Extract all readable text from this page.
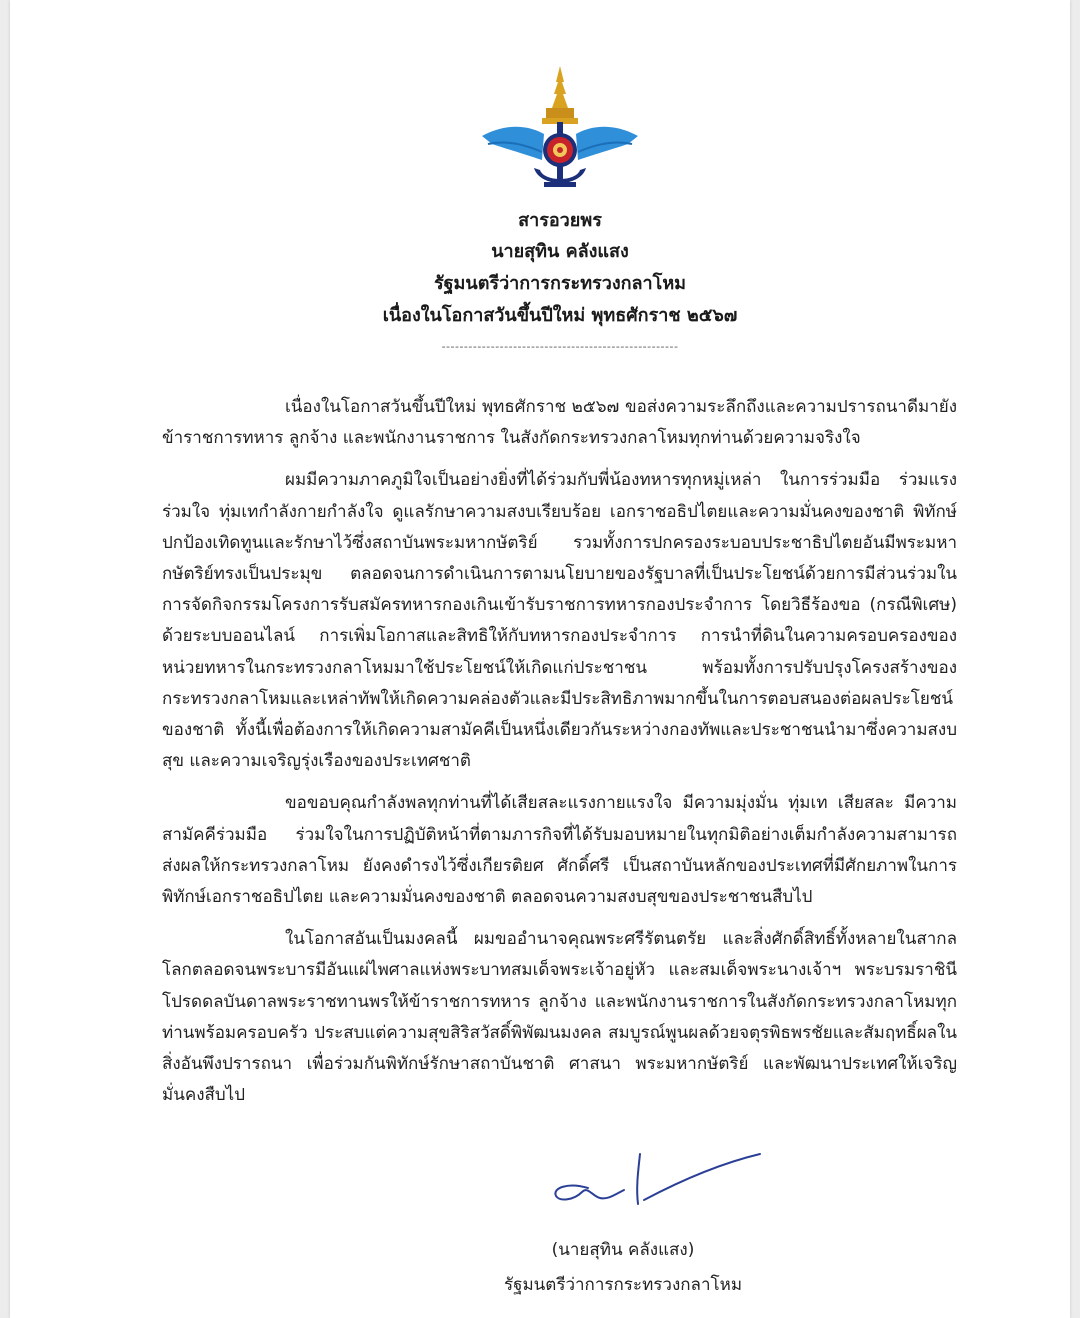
สารอวยพร
นายสุทิน คลังแสง
รัฐมนตรีว่าการกระทรวงกลาโหม
เนื่องในโอกาสวันขึ้นปีใหม่ พุทธศักราช ๒๕๖๗
-----------------------------------------------------

เนื่องในโอกาสวันขึ้นปีใหม่ พุทธศักราช ๒๕๖๗ ขอส่งความระลึกถึงและความปรารถนาดีมายังข้าราชการทหาร ลูกจ้าง และพนักงานราชการ ในสังกัดกระทรวงกลาโหมทุกท่านด้วยความจริงใจ

ผมมีความภาคภูมิใจเป็นอย่างยิ่งที่ได้ร่วมกับพี่น้องทหารทุกหมู่เหล่า ในการร่วมมือ ร่วมแรง ร่วมใจ ทุ่มเทกำลังกายกำลังใจ ดูแลรักษาความสงบเรียบร้อย เอกราชอธิปไตยและความมั่นคงของชาติ พิทักษ์ปกป้องเทิดทูนและรักษาไว้ซึ่งสถาบันพระมหากษัตริย์ รวมทั้งการปกครองระบอบประชาธิปไตยอันมีพระมหากษัตริย์ทรงเป็นประมุข ตลอดจนการดำเนินการตามนโยบายของรัฐบาลที่เป็นประโยชน์ด้วยการมีส่วนร่วมในการจัดกิจกรรมโครงการรับสมัครทหารกองเกินเข้ารับราชการทหารกองประจำการ โดยวิธีร้องขอ (กรณีพิเศษ) ด้วยระบบออนไลน์ การเพิ่มโอกาสและสิทธิให้กับทหารกองประจำการ การนำที่ดินในความครอบครองของหน่วยทหารในกระทรวงกลาโหมมาใช้ประโยชน์ให้เกิดแก่ประชาชน พร้อมทั้งการปรับปรุงโครงสร้างของกระทรวงกลาโหมและเหล่าทัพให้เกิดความคล่องตัวและมีประสิทธิภาพมากขึ้นในการตอบสนองต่อผลประโยชน์ของชาติ ทั้งนี้เพื่อต้องการให้เกิดความสามัคคีเป็นหนึ่งเดียวกันระหว่างกองทัพและประชาชนนำมาซึ่งความสงบสุข และความเจริญรุ่งเรืองของประเทศชาติ

ขอขอบคุณกำลังพลทุกท่านที่ได้เสียสละแรงกายแรงใจ มีความมุ่งมั่น ทุ่มเท เสียสละ มีความสามัคคีร่วมมือ ร่วมใจในการปฏิบัติหน้าที่ตามภารกิจที่ได้รับมอบหมายในทุกมิติอย่างเต็มกำลังความสามารถ ส่งผลให้กระทรวงกลาโหม ยังคงดำรงไว้ซึ่งเกียรติยศ ศักดิ์ศรี เป็นสถาบันหลักของประเทศที่มีศักยภาพในการ พิทักษ์เอกราชอธิปไตย และความมั่นคงของชาติ ตลอดจนความสงบสุขของประชาชนสืบไป

ในโอกาสอันเป็นมงคลนี้ ผมขออำนาจคุณพระศรีรัตนตรัย และสิ่งศักดิ์สิทธิ์ทั้งหลายในสากลโลกตลอดจนพระบารมีอันแผ่ไพศาลแห่งพระบาทสมเด็จพระเจ้าอยู่หัว และสมเด็จพระนางเจ้าฯ พระบรมราชินี โปรดดลบันดาลพระราชทานพรให้ข้าราชการทหาร ลูกจ้าง และพนักงานราชการในสังกัดกระทรวงกลาโหมทุกท่านพร้อมครอบครัว ประสบแต่ความสุขสิริสวัสดิ์พิพัฒนมงคล สมบูรณ์พูนผลด้วยจตุรพิธพรชัยและสัมฤทธิ์ผลในสิ่งอันพึงปรารถนา เพื่อร่วมกันพิทักษ์รักษาสถาบันชาติ ศาสนา พระมหากษัตริย์ และพัฒนาประเทศให้เจริญมั่นคงสืบไป

(นายสุทิน คลังแสง)
รัฐมนตรีว่าการกระทรวงกลาโหม
